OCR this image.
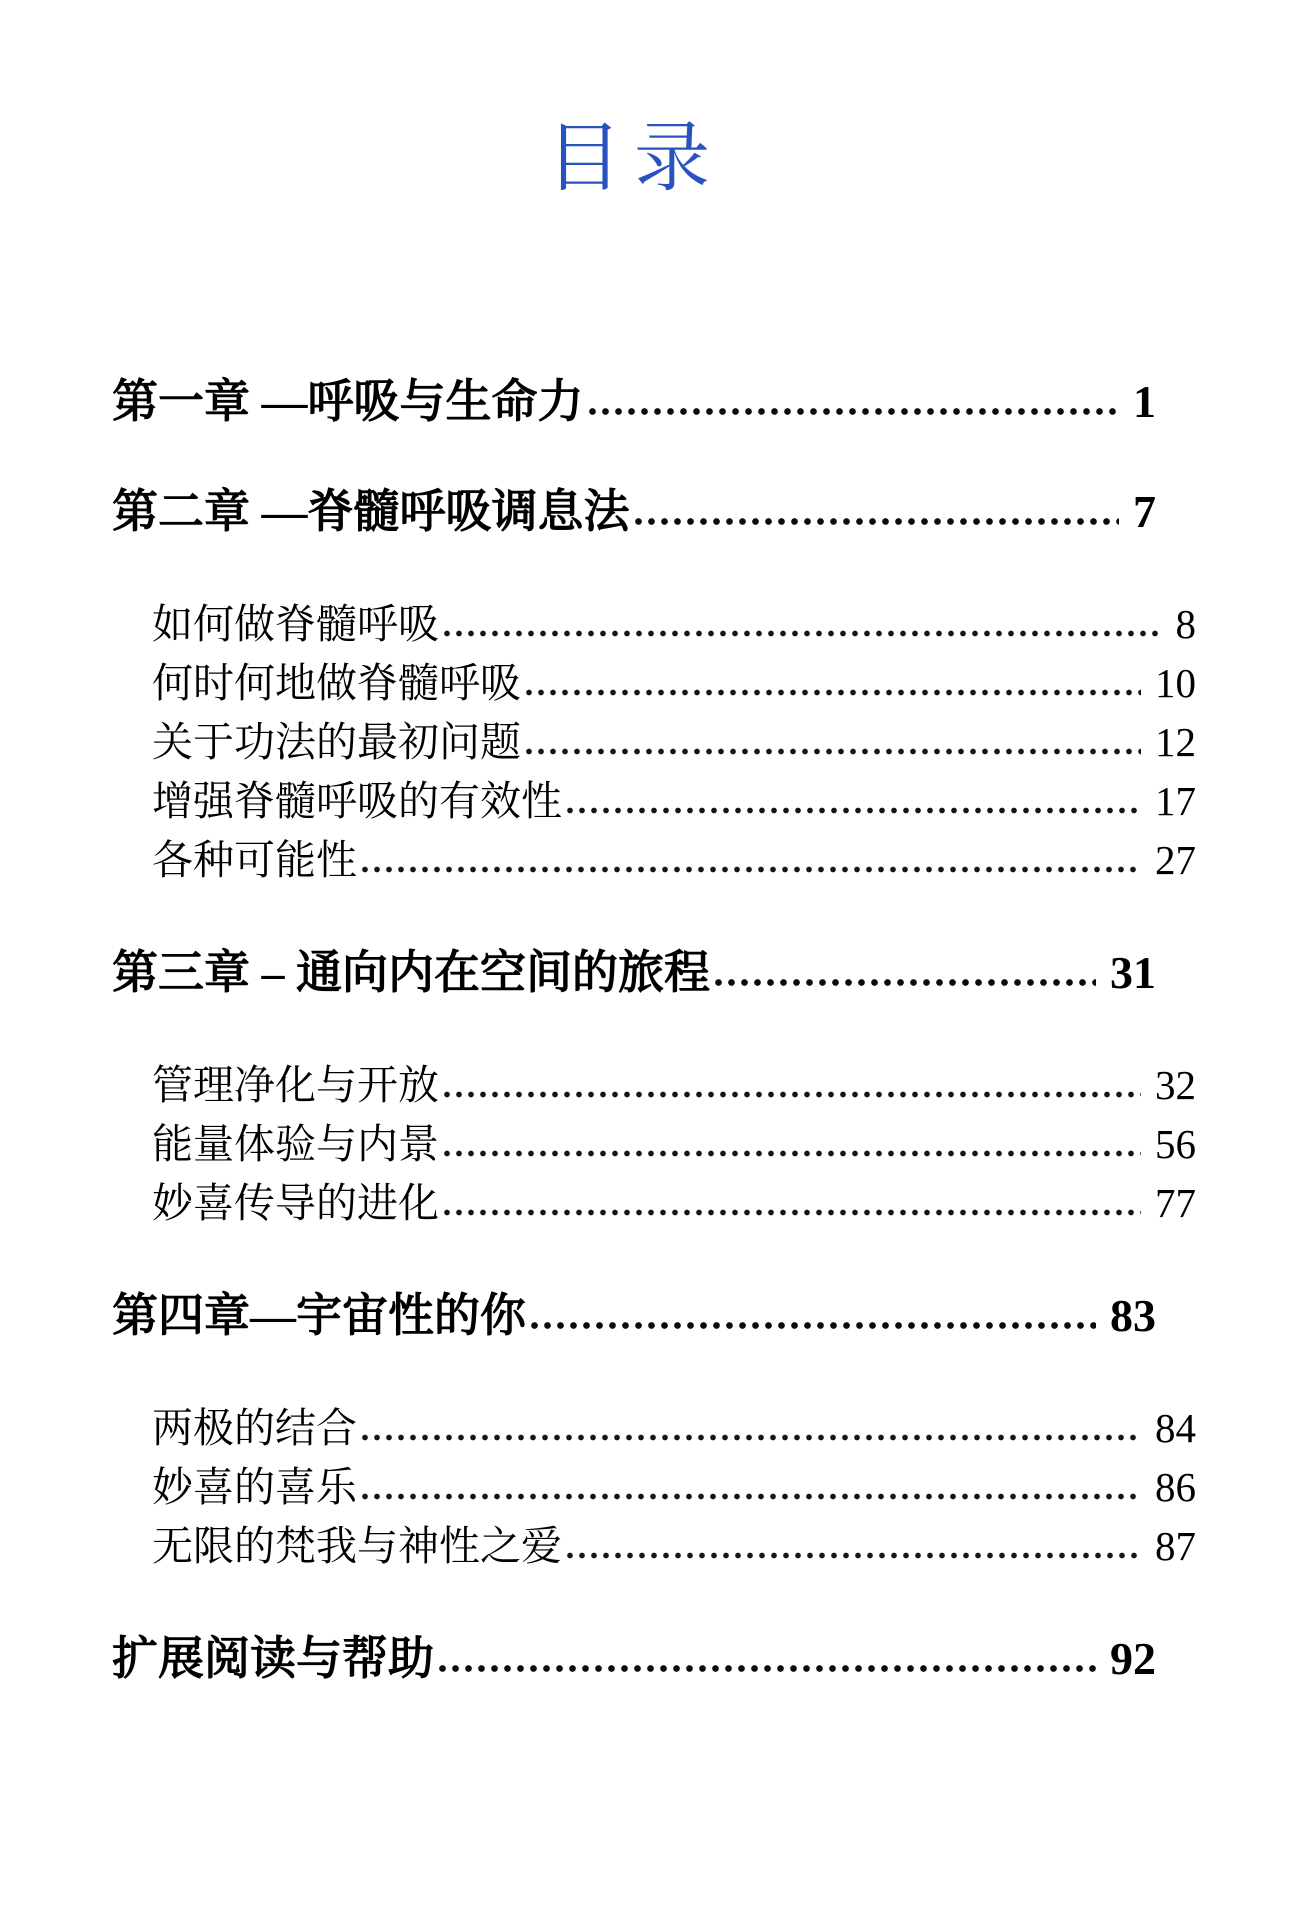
目录
第一章 —呼吸与生命力	1
第二章 —脊髓呼吸调息法	7
如何做脊髓呼吸	8
何时何地做脊髓呼吸	10
关于功法的最初问题	12
增强脊髓呼吸的有效性	17
各种可能性	27
第三章 – 通向内在空间的旅程	31
管理净化与开放	32
能量体验与内景	56
妙喜传导的进化	77
第四章—宇宙性的你	83
两极的结合	84
妙喜的喜乐	86
无限的梵我与神性之爱	87
扩展阅读与帮助	92
